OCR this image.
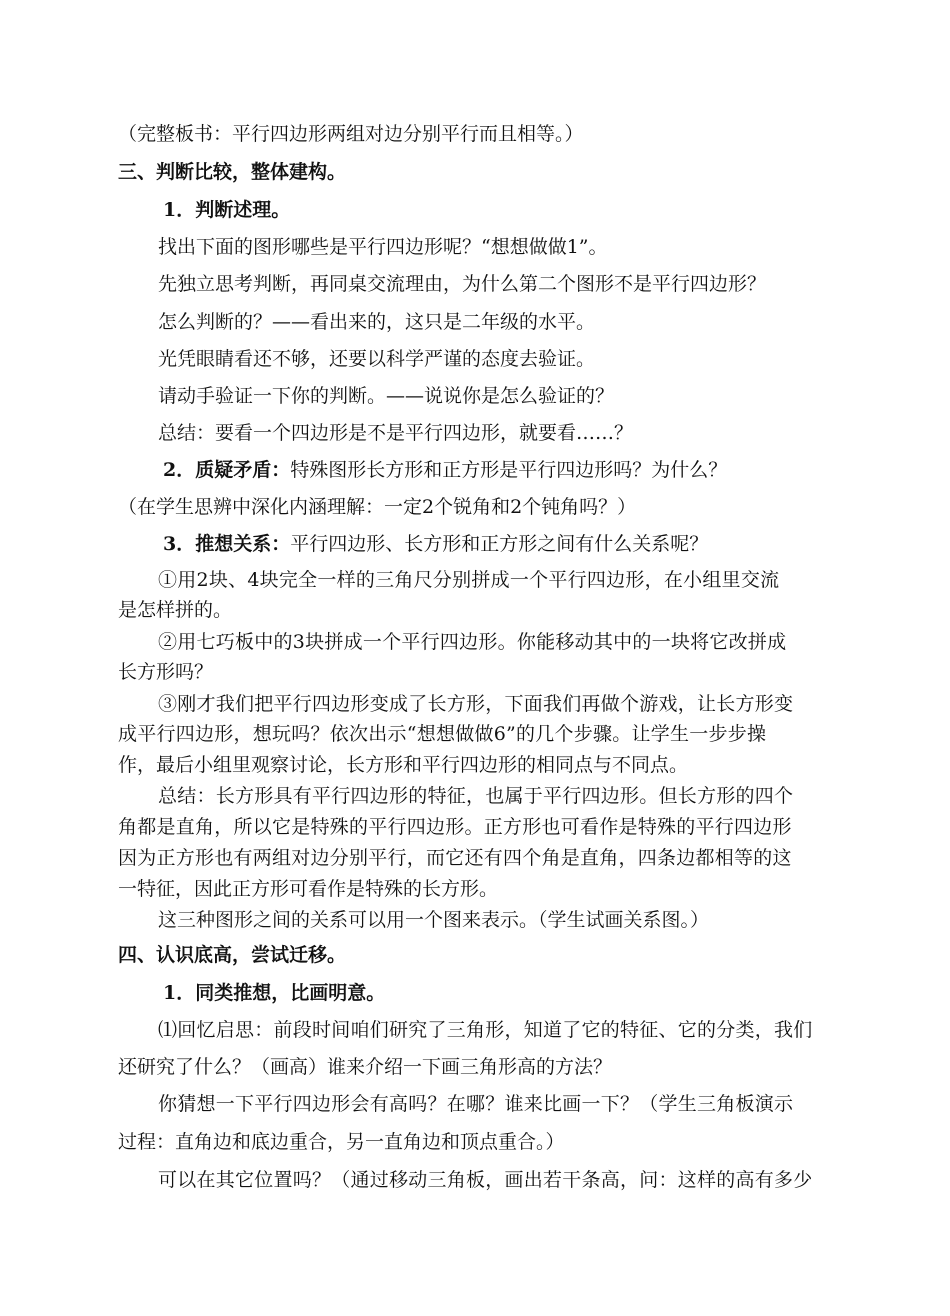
（完整板书：平行四边形两组对边分别平行而且相等。）
三、判断比较，整体建构。
1．判断述理。
找出下面的图形哪些是平行四边形呢？“想想做做1”。
先独立思考判断，再同桌交流理由，为什么第二个图形不是平行四边形？
怎么判断的？——看出来的，这只是二年级的水平。
光凭眼睛看还不够，还要以科学严谨的态度去验证。
请动手验证一下你的判断。——说说你是怎么验证的？
总结：要看一个四边形是不是平行四边形，就要看……？
2．质疑矛盾：特殊图形长方形和正方形是平行四边形吗？为什么？
（在学生思辨中深化内涵理解：一定2个锐角和2个钝角吗？）
3．推想关系：平行四边形、长方形和正方形之间有什么关系呢？
①用2块、4块完全一样的三角尺分别拼成一个平行四边形，在小组里交流
是怎样拼的。
②用七巧板中的3块拼成一个平行四边形。你能移动其中的一块将它改拼成
长方形吗？
③刚才我们把平行四边形变成了长方形，下面我们再做个游戏，让长方形变
成平行四边形，想玩吗？依次出示“想想做做6”的几个步骤。让学生一步步操
作，最后小组里观察讨论，长方形和平行四边形的相同点与不同点。
总结：长方形具有平行四边形的特征，也属于平行四边形。但长方形的四个
角都是直角，所以它是特殊的平行四边形。正方形也可看作是特殊的平行四边形
因为正方形也有两组对边分别平行，而它还有四个角是直角，四条边都相等的这
一特征，因此正方形可看作是特殊的长方形。
这三种图形之间的关系可以用一个图来表示。（学生试画关系图。）
四、认识底高，尝试迁移。
1．同类推想，比画明意。
⑴回忆启思：前段时间咱们研究了三角形，知道了它的特征、它的分类，我们
还研究了什么？（画高）谁来介绍一下画三角形高的方法？
你猜想一下平行四边形会有高吗？在哪？谁来比画一下？（学生三角板演示
过程：直角边和底边重合，另一直角边和顶点重合。）
可以在其它位置吗？（通过移动三角板，画出若干条高，问：这样的高有多少
